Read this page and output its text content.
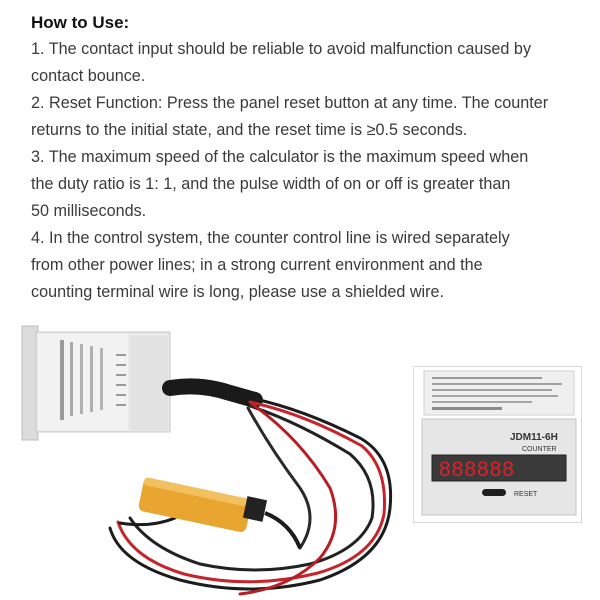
How to Use:

1. The contact input should be reliable to avoid malfunction caused by

contact bounce.

2. Reset Function: Press the panel reset button at any time. The counter

returns to the initial state, and the reset time is ≥0.5 seconds.

3. The maximum speed of the calculator is the maximum speed when

the duty ratio is 1: 1, and the pulse width of on or off is greater than

50 milliseconds.

4. In the control system, the counter control line is wired separately

from other power lines; in a strong current environment and the

counting terminal wire is long, please use a shielded wire.

JDM11-6H
COUNTER
888888
RESET
